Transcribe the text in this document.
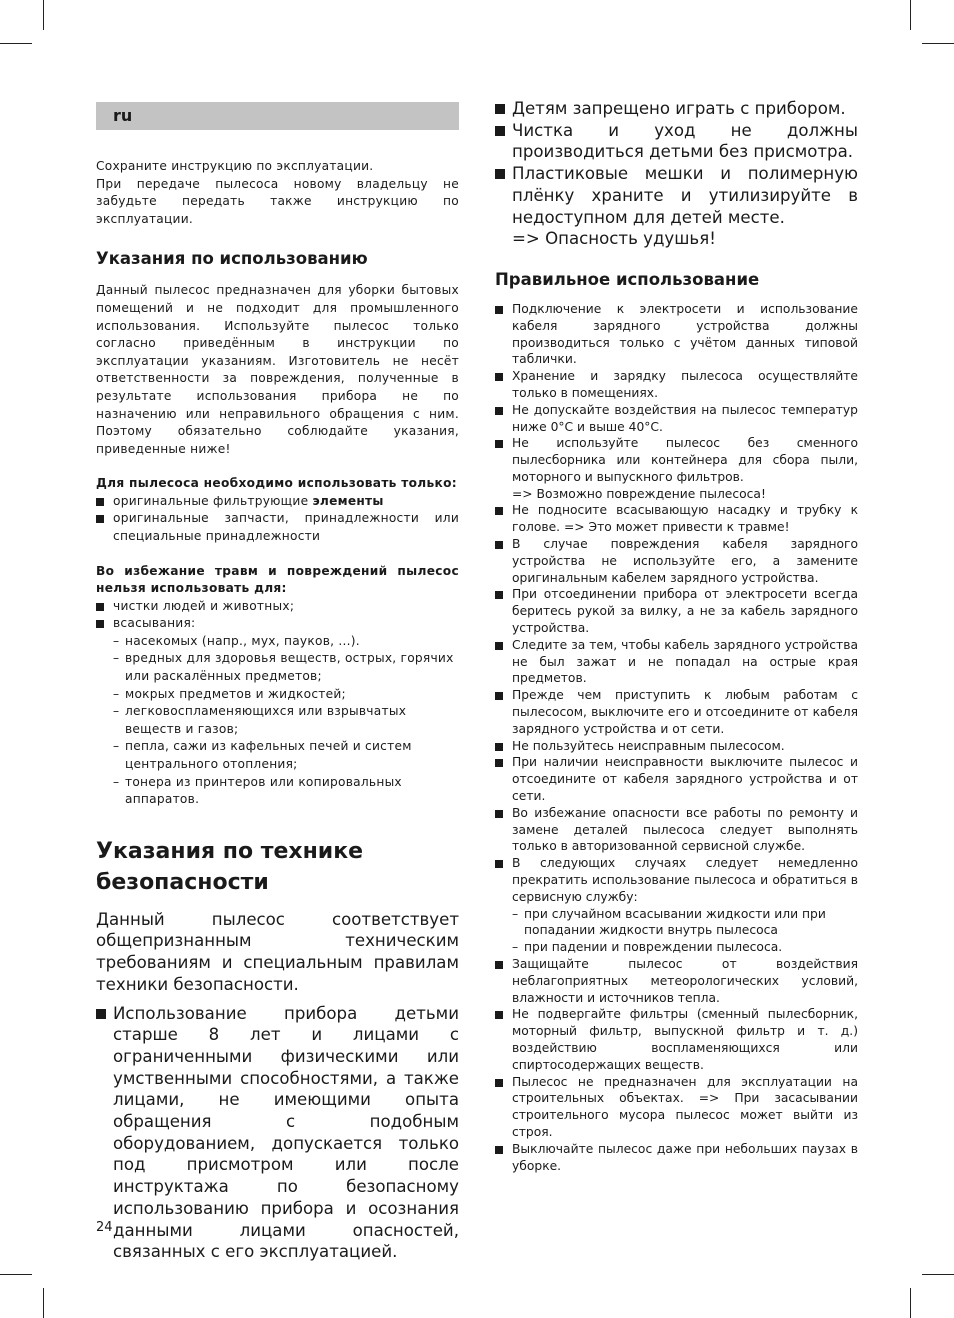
ru

Сохраните инструкцию по эксплуатации.

При передаче пылесоса новому владельцу не забудьте передать также инструкцию по эксплуатации.

Указания по использованию
Данный пылесос предназначен для уборки бытовых помещений и не подходит для промышленного использования. Используйте пылесос только согласно приведённым в инструкции по эксплуатации указаниям. Изготовитель не несёт ответственности за повреждения, полученные в результате использования прибора не по назначению или неправильного обращения с ним. Поэтому обязательно соблюдайте указания, приведенные ниже!
Для пылесоса необходимо использовать только:
оригинальные фильтрующие элементы
оригинальные запчасти, принадлежности или специальные принадлежности
Во избежание травм и повреждений пылесос нельзя использовать для:
чистки людей и животных;
всасывания:
– насекомых (напр., мух, пауков, ...).
– вредных для здоровья веществ, острых, горячих или раскалённых предметов;
– мокрых предметов и жидкостей;
– легковоспламеняющихся или взрывчатых веществ и газов;
– пепла, сажи из кафельных печей и систем центрального отопления;
– тонера из принтеров или копировальных аппаратов.
Указания по технике
безопасности
Данный пылесос соответствует общепризнанным техническим требованиям и специальным правилам техники безопасности.
Использование прибора детьми старше 8 лет и лицами с ограниченными физическими или умственными способностями, а также лицами, не имеющими опыта обращения с подобным оборудованием, допускается только под присмотром или после инструктажа по безопасному использованию прибора и осознания данными лицами опасностей, связанных с его эксплуатацией.
Детям запрещено играть с прибором.
Чистка и уход не должны производиться детьми без присмотра.
Пластиковые мешки и полимерную плёнку храните и утилизируйте в недоступном для детей месте.
=> Опасность удушья!
Правильное использование
Подключение к электросети и использование кабеля зарядного устройства должны производиться только с учётом данных типовой таблички.
Хранение и зарядку пылесоса осуществляйте только в помещениях.
Не допускайте воздействия на пылесос температур ниже 0°C и выше 40°C.
Не используйте пылесос без сменного пылесборника или контейнера для сбора пыли, моторного и выпускного фильтров.
=> Возможно повреждение пылесоса!
Не подносите всасывающую насадку и трубку к голове. => Это может привести к травме!
В случае повреждения кабеля зарядного устройства не используйте его, а замените оригинальным кабелем зарядного устройства.
При отсоединении прибора от электросети всегда беритесь рукой за вилку, а не за кабель зарядного устройства.
Следите за тем, чтобы кабель зарядного устройства не был зажат и не попадал на острые края предметов.
Прежде чем приступить к любым работам с пылесосом, выключите его и отсоедините от кабеля зарядного устройства и от сети.
Не пользуйтесь неисправным пылесосом.
При наличии неисправности выключите пылесос и отсоедините от кабеля зарядного устройства и от сети.
Во избежание опасности все работы по ремонту и замене деталей пылесоса следует выполнять только в авторизованной сервисной службе.
В следующих случаях следует немедленно прекратить использование пылесоса и обратиться в сервисную службу:
– при случайном всасывании жидкости или при попадании жидкости внутрь пылесоса
– при падении и повреждении пылесоса.
Защищайте пылесос от воздействия неблагоприятных метеорологических условий, влажности и источников тепла.
Не подвергайте фильтры (сменный пылесборник, моторный фильтр, выпускной фильтр и т. д.) воздействию воспламеняющихся или спиртосодержащих веществ.
Пылесос не предназначен для эксплуатации на строительных объектах. => При засасывании строительного мусора пылесос может выйти из строя.
Выключайте пылесос даже при небольших паузах в уборке.
24
